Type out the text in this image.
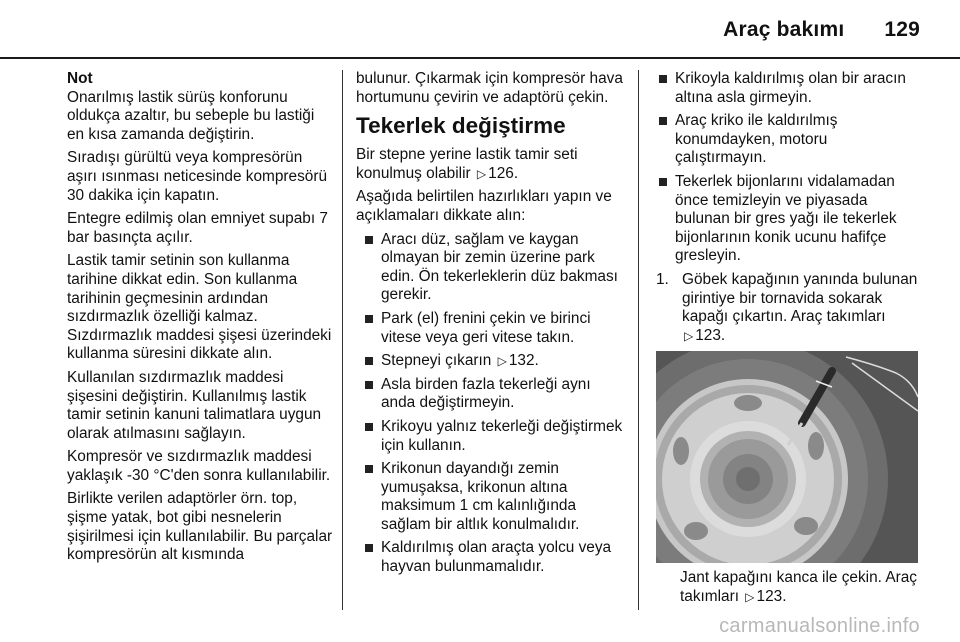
Araç bakımı 129

Not
Onarılmış lastik sürüş konforunu oldukça azaltır, bu sebeple bu lastiği en kısa zamanda değiştirin.

Sıradışı gürültü veya kompresörün aşırı ısınması neticesinde kompresörü 30 dakika için kapatın.

Entegre edilmiş olan emniyet supabı 7 bar basınçta açılır.

Lastik tamir setinin son kullanma tarihine dikkat edin. Son kullanma tarihinin geçmesinin ardından sızdırmazlık özelliği kalmaz. Sızdırmazlık maddesi şişesi üzerindeki kullanma süresini dikkate alın.

Kullanılan sızdırmazlık maddesi şişesini değiştirin. Kullanılmış lastik tamir setinin kanuni talimatlara uygun olarak atılmasını sağlayın.

Kompresör ve sızdırmazlık maddesi yaklaşık -30 °C'den sonra kullanılabilir.

Birlikte verilen adaptörler örn. top, şişme yatak, bot gibi nesnelerin şişirilmesi için kullanılabilir. Bu parçalar kompresörün alt kısmında

bulunur. Çıkarmak için kompresör hava hortumunu çevirin ve adaptörü çekin.

Tekerlek değiştirme

Bir stepne yerine lastik tamir seti konulmuş olabilir ▷ 126.

Aşağıda belirtilen hazırlıkları yapın ve açıklamaları dikkate alın:

Aracı düz, sağlam ve kaygan olmayan bir zemin üzerine park edin. Ön tekerleklerin düz bakması gerekir.
Park (el) frenini çekin ve birinci vitese veya geri vitese takın.
Stepneyi çıkarın ▷ 132.
Asla birden fazla tekerleği aynı anda değiştirmeyin.
Krikoyu yalnız tekerleği değiştirmek için kullanın.
Krikonun dayandığı zemin yumuşaksa, krikonun altına maksimum 1 cm kalınlığında sağlam bir altlık konulmalıdır.
Kaldırılmış olan araçta yolcu veya hayvan bulunmamalıdır.
Krikoyla kaldırılmış olan bir aracın altına asla girmeyin.
Araç kriko ile kaldırılmış konumdayken, motoru çalıştırmayın.
Tekerlek bijonlarını vidalamadan önce temizleyin ve piyasada bulunan bir gres yağı ile tekerlek bijonlarının konik ucunu hafifçe gresleyin.
1. Göbek kapağının yanında bulunan girintiye bir tornavida sokarak kapağı çıkartın. Araç takımları ▷ 123.

Jant kapağını kanca ile çekin. Araç takımları ▷ 123.

carmanualsonline.info
